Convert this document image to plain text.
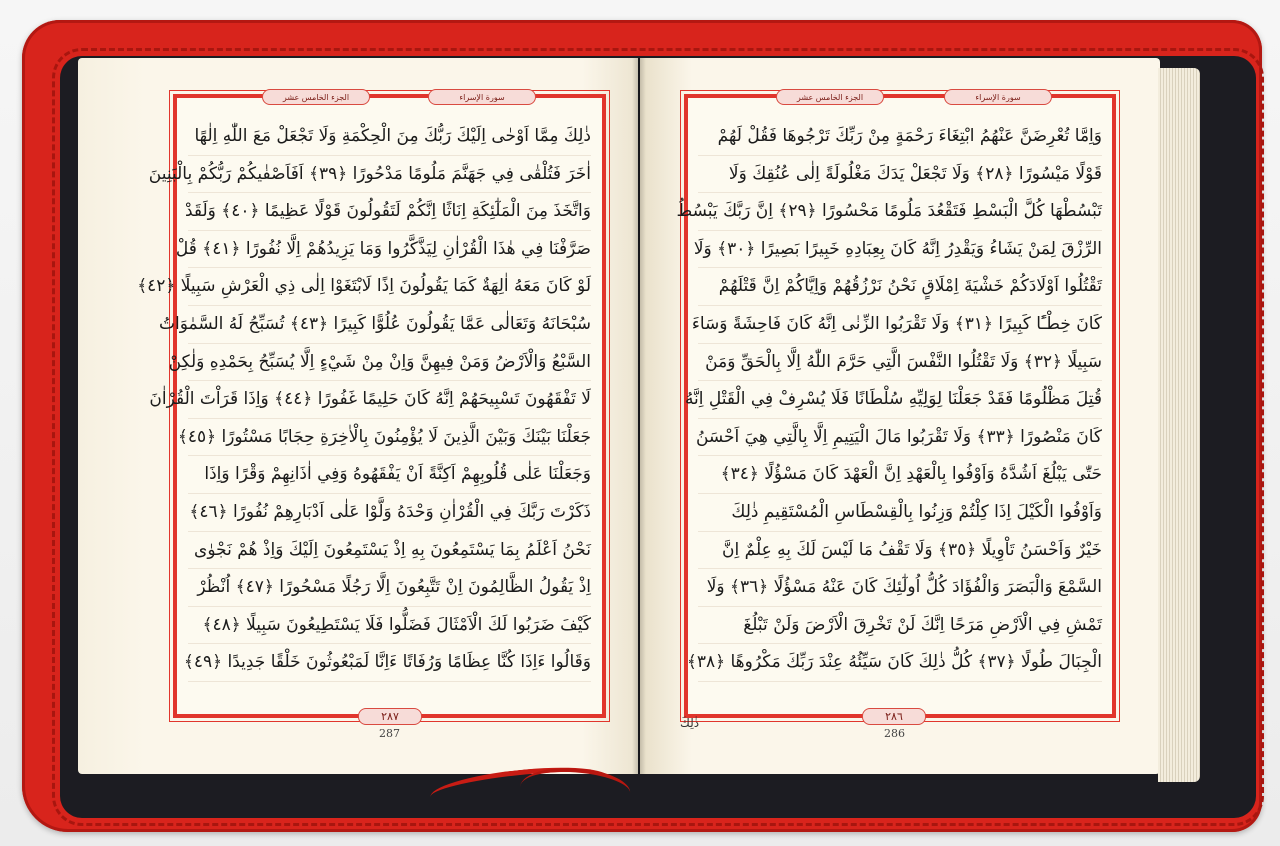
الجزء الخامس عشر	سورة الإسراء
ذٰلِكَ مِمَّا اَوْحٰى اِلَيْكَ رَبُّكَ مِنَ الْحِكْمَةِ وَلَا تَجْعَلْ مَعَ اللّٰهِ اِلٰهًا
اٰخَرَ فَتُلْقٰى فِي جَهَنَّمَ مَلُومًا مَدْحُورًا ﴿٣٩﴾ اَفَاَصْفٰيكُمْ رَبُّكُمْ بِالْبَنِينَ
وَاتَّخَذَ مِنَ الْمَلٰٓئِكَةِ اِنَاثًا اِنَّكُمْ لَتَقُولُونَ قَوْلًا عَظِيمًا ﴿٤٠﴾ وَلَقَدْ
صَرَّفْنَا فِي هٰذَا الْقُرْاٰنِ لِيَذَّكَّرُوا وَمَا يَزِيدُهُمْ اِلَّا نُفُورًا ﴿٤١﴾ قُلْ
لَوْ كَانَ مَعَهُ اٰلِهَةٌ كَمَا يَقُولُونَ اِذًا لَابْتَغَوْا اِلٰى ذِي الْعَرْشِ سَبِيلًا ﴿٤٢﴾
سُبْحَانَهُ وَتَعَالٰى عَمَّا يَقُولُونَ عُلُوًّا كَبِيرًا ﴿٤٣﴾ تُسَبِّحُ لَهُ السَّمٰوَاتُ
السَّبْعُ وَالْاَرْضُ وَمَنْ فِيهِنَّ وَاِنْ مِنْ شَيْءٍ اِلَّا يُسَبِّحُ بِحَمْدِهِ وَلٰكِنْ
لَا تَفْقَهُونَ تَسْبِيحَهُمْ اِنَّهُ كَانَ حَلِيمًا غَفُورًا ﴿٤٤﴾ وَاِذَا قَرَاْتَ الْقُرْاٰنَ
جَعَلْنَا بَيْنَكَ وَبَيْنَ الَّذِينَ لَا يُؤْمِنُونَ بِالْاٰخِرَةِ حِجَابًا مَسْتُورًا ﴿٤٥﴾
وَجَعَلْنَا عَلٰى قُلُوبِهِمْ اَكِنَّةً اَنْ يَفْقَهُوهُ وَفِي اٰذَانِهِمْ وَقْرًا وَاِذَا
ذَكَرْتَ رَبَّكَ فِي الْقُرْاٰنِ وَحْدَهُ وَلَّوْا عَلٰى اَدْبَارِهِمْ نُفُورًا ﴿٤٦﴾
نَحْنُ اَعْلَمُ بِمَا يَسْتَمِعُونَ بِهِ اِذْ يَسْتَمِعُونَ اِلَيْكَ وَاِذْ هُمْ نَجْوٰى
اِذْ يَقُولُ الظَّالِمُونَ اِنْ تَتَّبِعُونَ اِلَّا رَجُلًا مَسْحُورًا ﴿٤٧﴾ اُنْظُرْ
كَيْفَ ضَرَبُوا لَكَ الْاَمْثَالَ فَضَلُّوا فَلَا يَسْتَطِيعُونَ سَبِيلًا ﴿٤٨﴾
وَقَالُوا ءَاِذَا كُنَّا عِظَامًا وَرُفَاتًا ءَاِنَّا لَمَبْعُوثُونَ خَلْقًا جَدِيدًا ﴿٤٩﴾
٢٨٧
287
الجزء الخامس عشر	سورة الإسراء
وَاِمَّا تُعْرِضَنَّ عَنْهُمُ ابْتِغَاءَ رَحْمَةٍ مِنْ رَبِّكَ تَرْجُوهَا فَقُلْ لَهُمْ
قَوْلًا مَيْسُورًا ﴿٢٨﴾ وَلَا تَجْعَلْ يَدَكَ مَغْلُولَةً اِلٰى عُنُقِكَ وَلَا
تَبْسُطْهَا كُلَّ الْبَسْطِ فَتَقْعُدَ مَلُومًا مَحْسُورًا ﴿٢٩﴾ اِنَّ رَبَّكَ يَبْسُطُ
الرِّزْقَ لِمَنْ يَشَاءُ وَيَقْدِرُ اِنَّهُ كَانَ بِعِبَادِهِ خَبِيرًا بَصِيرًا ﴿٣٠﴾ وَلَا
تَقْتُلُوا اَوْلَادَكُمْ خَشْيَةَ اِمْلَاقٍ نَحْنُ نَرْزُقُهُمْ وَاِيَّاكُمْ اِنَّ قَتْلَهُمْ
كَانَ خِطْـًٔا كَبِيرًا ﴿٣١﴾ وَلَا تَقْرَبُوا الزِّنٰى اِنَّهُ كَانَ فَاحِشَةً وَسَاءَ
سَبِيلًا ﴿٣٢﴾ وَلَا تَقْتُلُوا النَّفْسَ الَّتِي حَرَّمَ اللّٰهُ اِلَّا بِالْحَقِّ وَمَنْ
قُتِلَ مَظْلُومًا فَقَدْ جَعَلْنَا لِوَلِيِّهِ سُلْطَانًا فَلَا يُسْرِفْ فِي الْقَتْلِ اِنَّهُ
كَانَ مَنْصُورًا ﴿٣٣﴾ وَلَا تَقْرَبُوا مَالَ الْيَتِيمِ اِلَّا بِالَّتِي هِيَ اَحْسَنُ
حَتّٰى يَبْلُغَ اَشُدَّهُ وَاَوْفُوا بِالْعَهْدِ اِنَّ الْعَهْدَ كَانَ مَسْؤُلًا ﴿٣٤﴾
وَاَوْفُوا الْكَيْلَ اِذَا كِلْتُمْ وَزِنُوا بِالْقِسْطَاسِ الْمُسْتَقِيمِ ذٰلِكَ
خَيْرٌ وَاَحْسَنُ تَاْوِيلًا ﴿٣٥﴾ وَلَا تَقْفُ مَا لَيْسَ لَكَ بِهِ عِلْمٌ اِنَّ
السَّمْعَ وَالْبَصَرَ وَالْفُؤَادَ كُلُّ اُولٰٓئِكَ كَانَ عَنْهُ مَسْؤُلًا ﴿٣٦﴾ وَلَا
تَمْشِ فِي الْاَرْضِ مَرَحًا اِنَّكَ لَنْ تَخْرِقَ الْاَرْضَ وَلَنْ تَبْلُغَ
الْجِبَالَ طُولًا ﴿٣٧﴾ كُلُّ ذٰلِكَ كَانَ سَيِّئُهُ عِنْدَ رَبِّكَ مَكْرُوهًا ﴿٣٨﴾
٢٨٦
286
ذٰلِكَ
